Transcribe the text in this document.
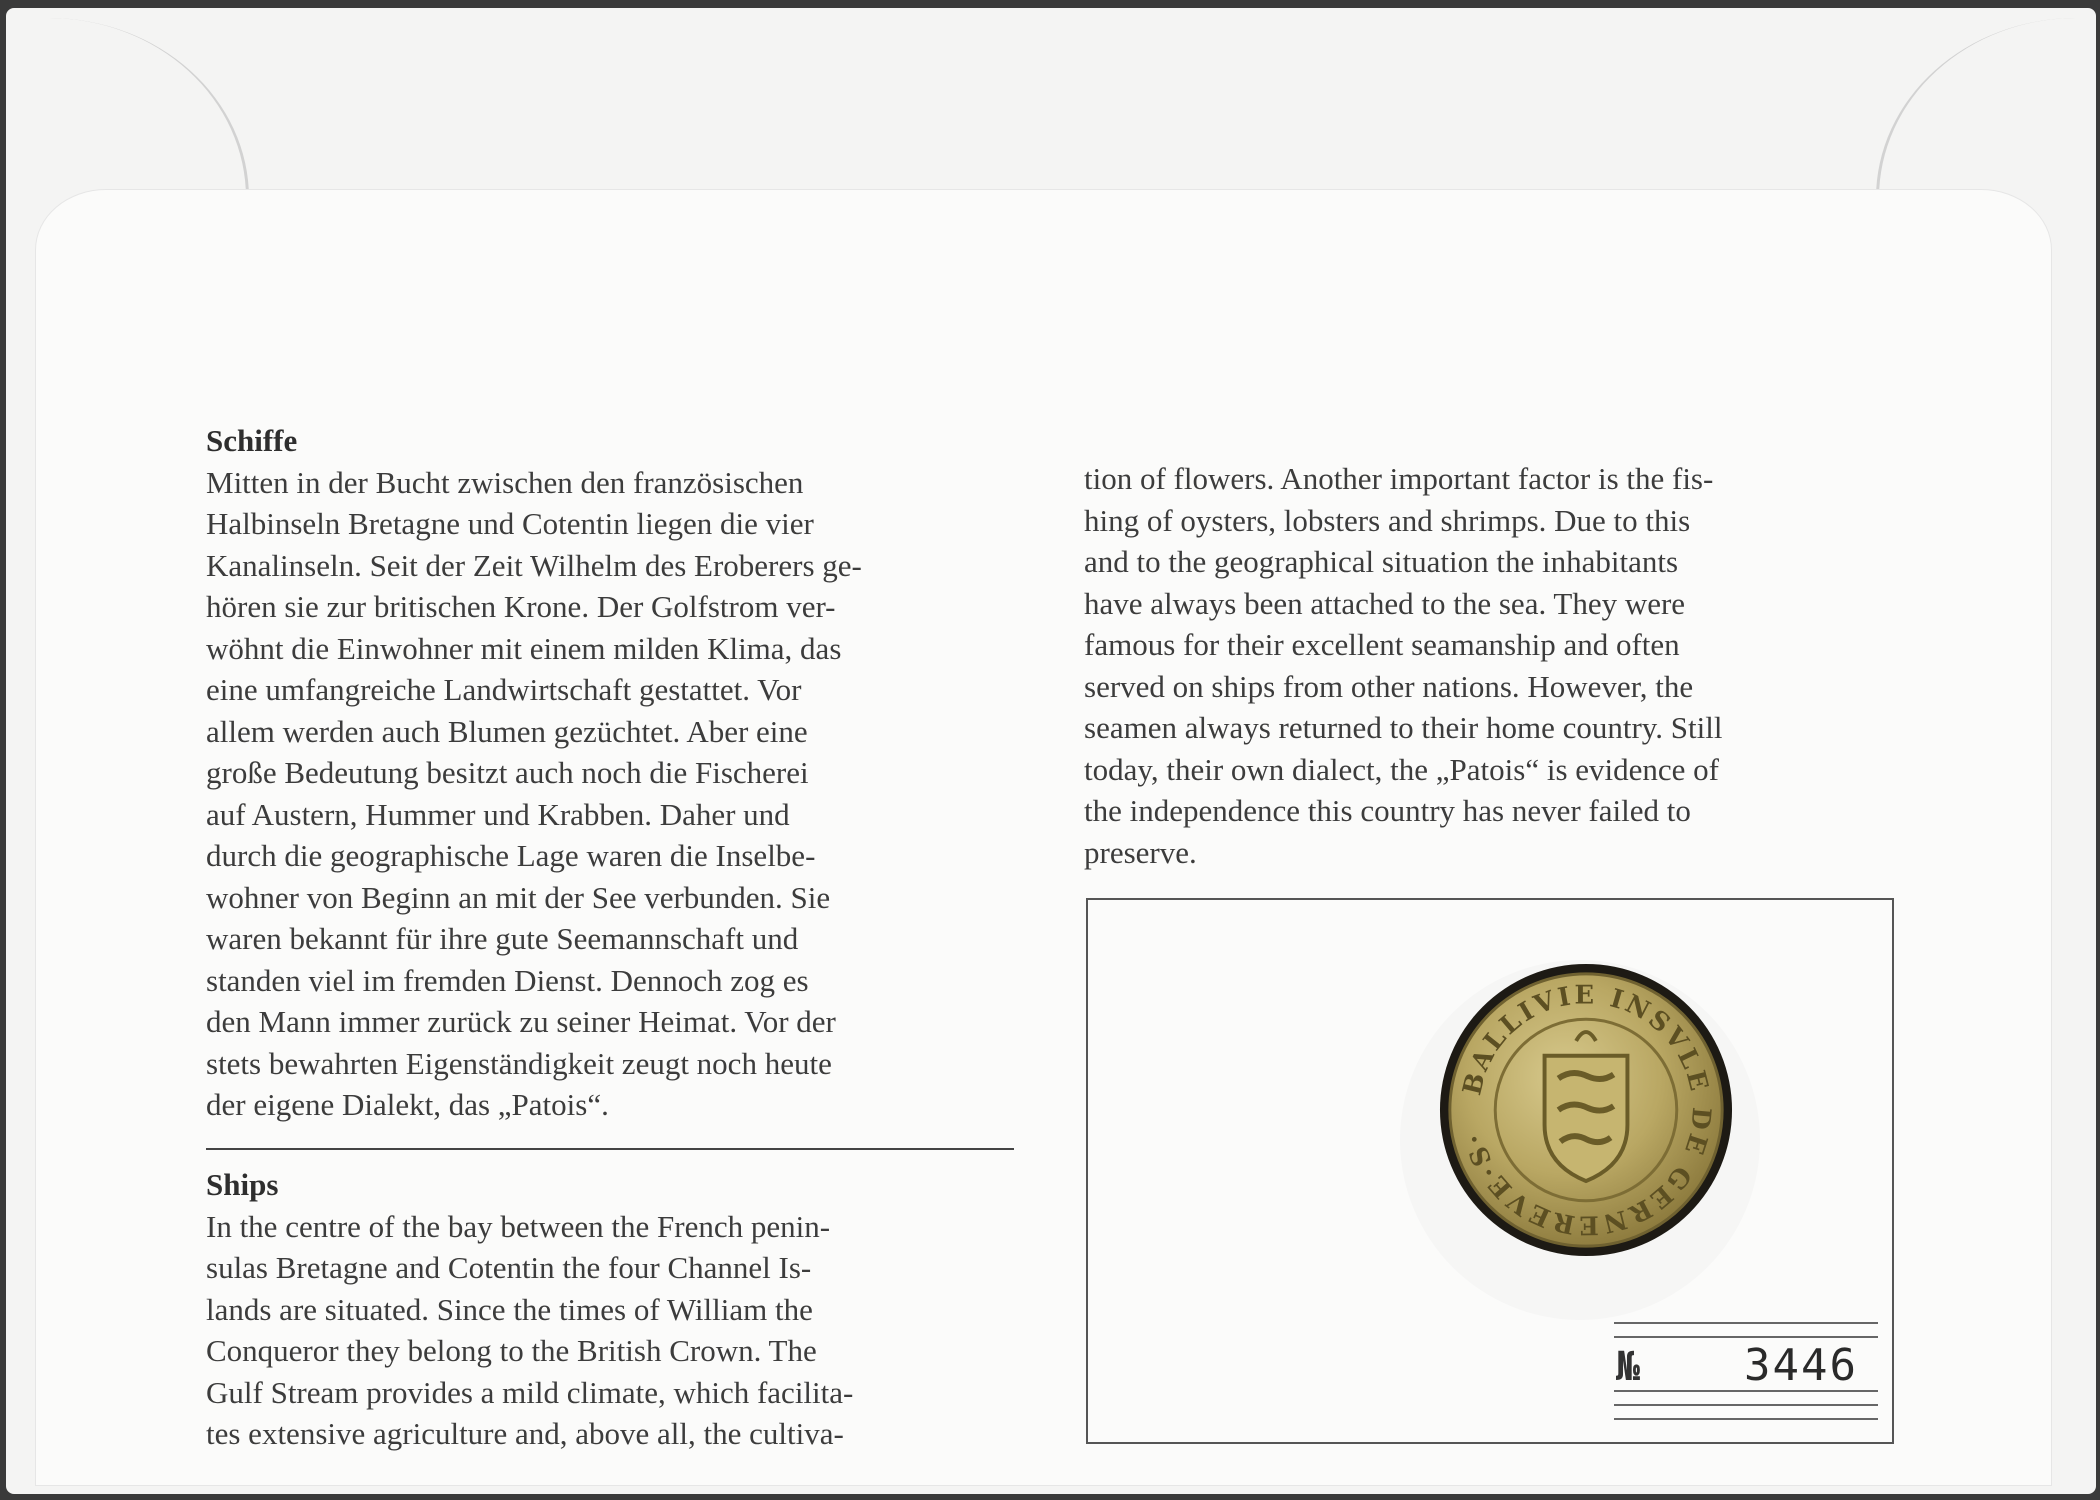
Schiffe

Mitten in der Bucht zwischen den französischen

Halbinseln Bretagne und Cotentin liegen die vier

Kanalinseln. Seit der Zeit Wilhelm des Eroberers ge-

hören sie zur britischen Krone. Der Golfstrom ver-

wöhnt die Einwohner mit einem milden Klima, das

eine umfangreiche Landwirtschaft gestattet. Vor

allem werden auch Blumen gezüchtet. Aber eine

große Bedeutung besitzt auch noch die Fischerei

auf Austern, Hummer und Krabben. Daher und

durch die geographische Lage waren die Inselbe-

wohner von Beginn an mit der See verbunden. Sie

waren bekannt für ihre gute Seemannschaft und

standen viel im fremden Dienst. Dennoch zog es

den Mann immer zurück zu seiner Heimat. Vor der

stets bewahrten Eigenständigkeit zeugt noch heute

der eigene Dialekt, das „Patois“.

Ships

In the centre of the bay between the French penin-

sulas Bretagne and Cotentin the four Channel Is-

lands are situated. Since the times of William the

Conqueror they belong to the British Crown. The

Gulf Stream provides a mild climate, which facilita-

tes extensive agriculture and, above all, the cultiva-

tion of flowers. Another important factor is the fis-

hing of oysters, lobsters and shrimps. Due to this

and to the geographical situation the inhabitants

have always been attached to the sea. They were

famous for their excellent seamanship and often

served on ships from other nations. However, the

seamen always returned to their home country. Still

today, their own dialect, the „Patois“ is evidence of

the independence this country has never failed to

preserve.

BALLIVIE INSVLE DE GERNEREVE·S·
№ 3446
